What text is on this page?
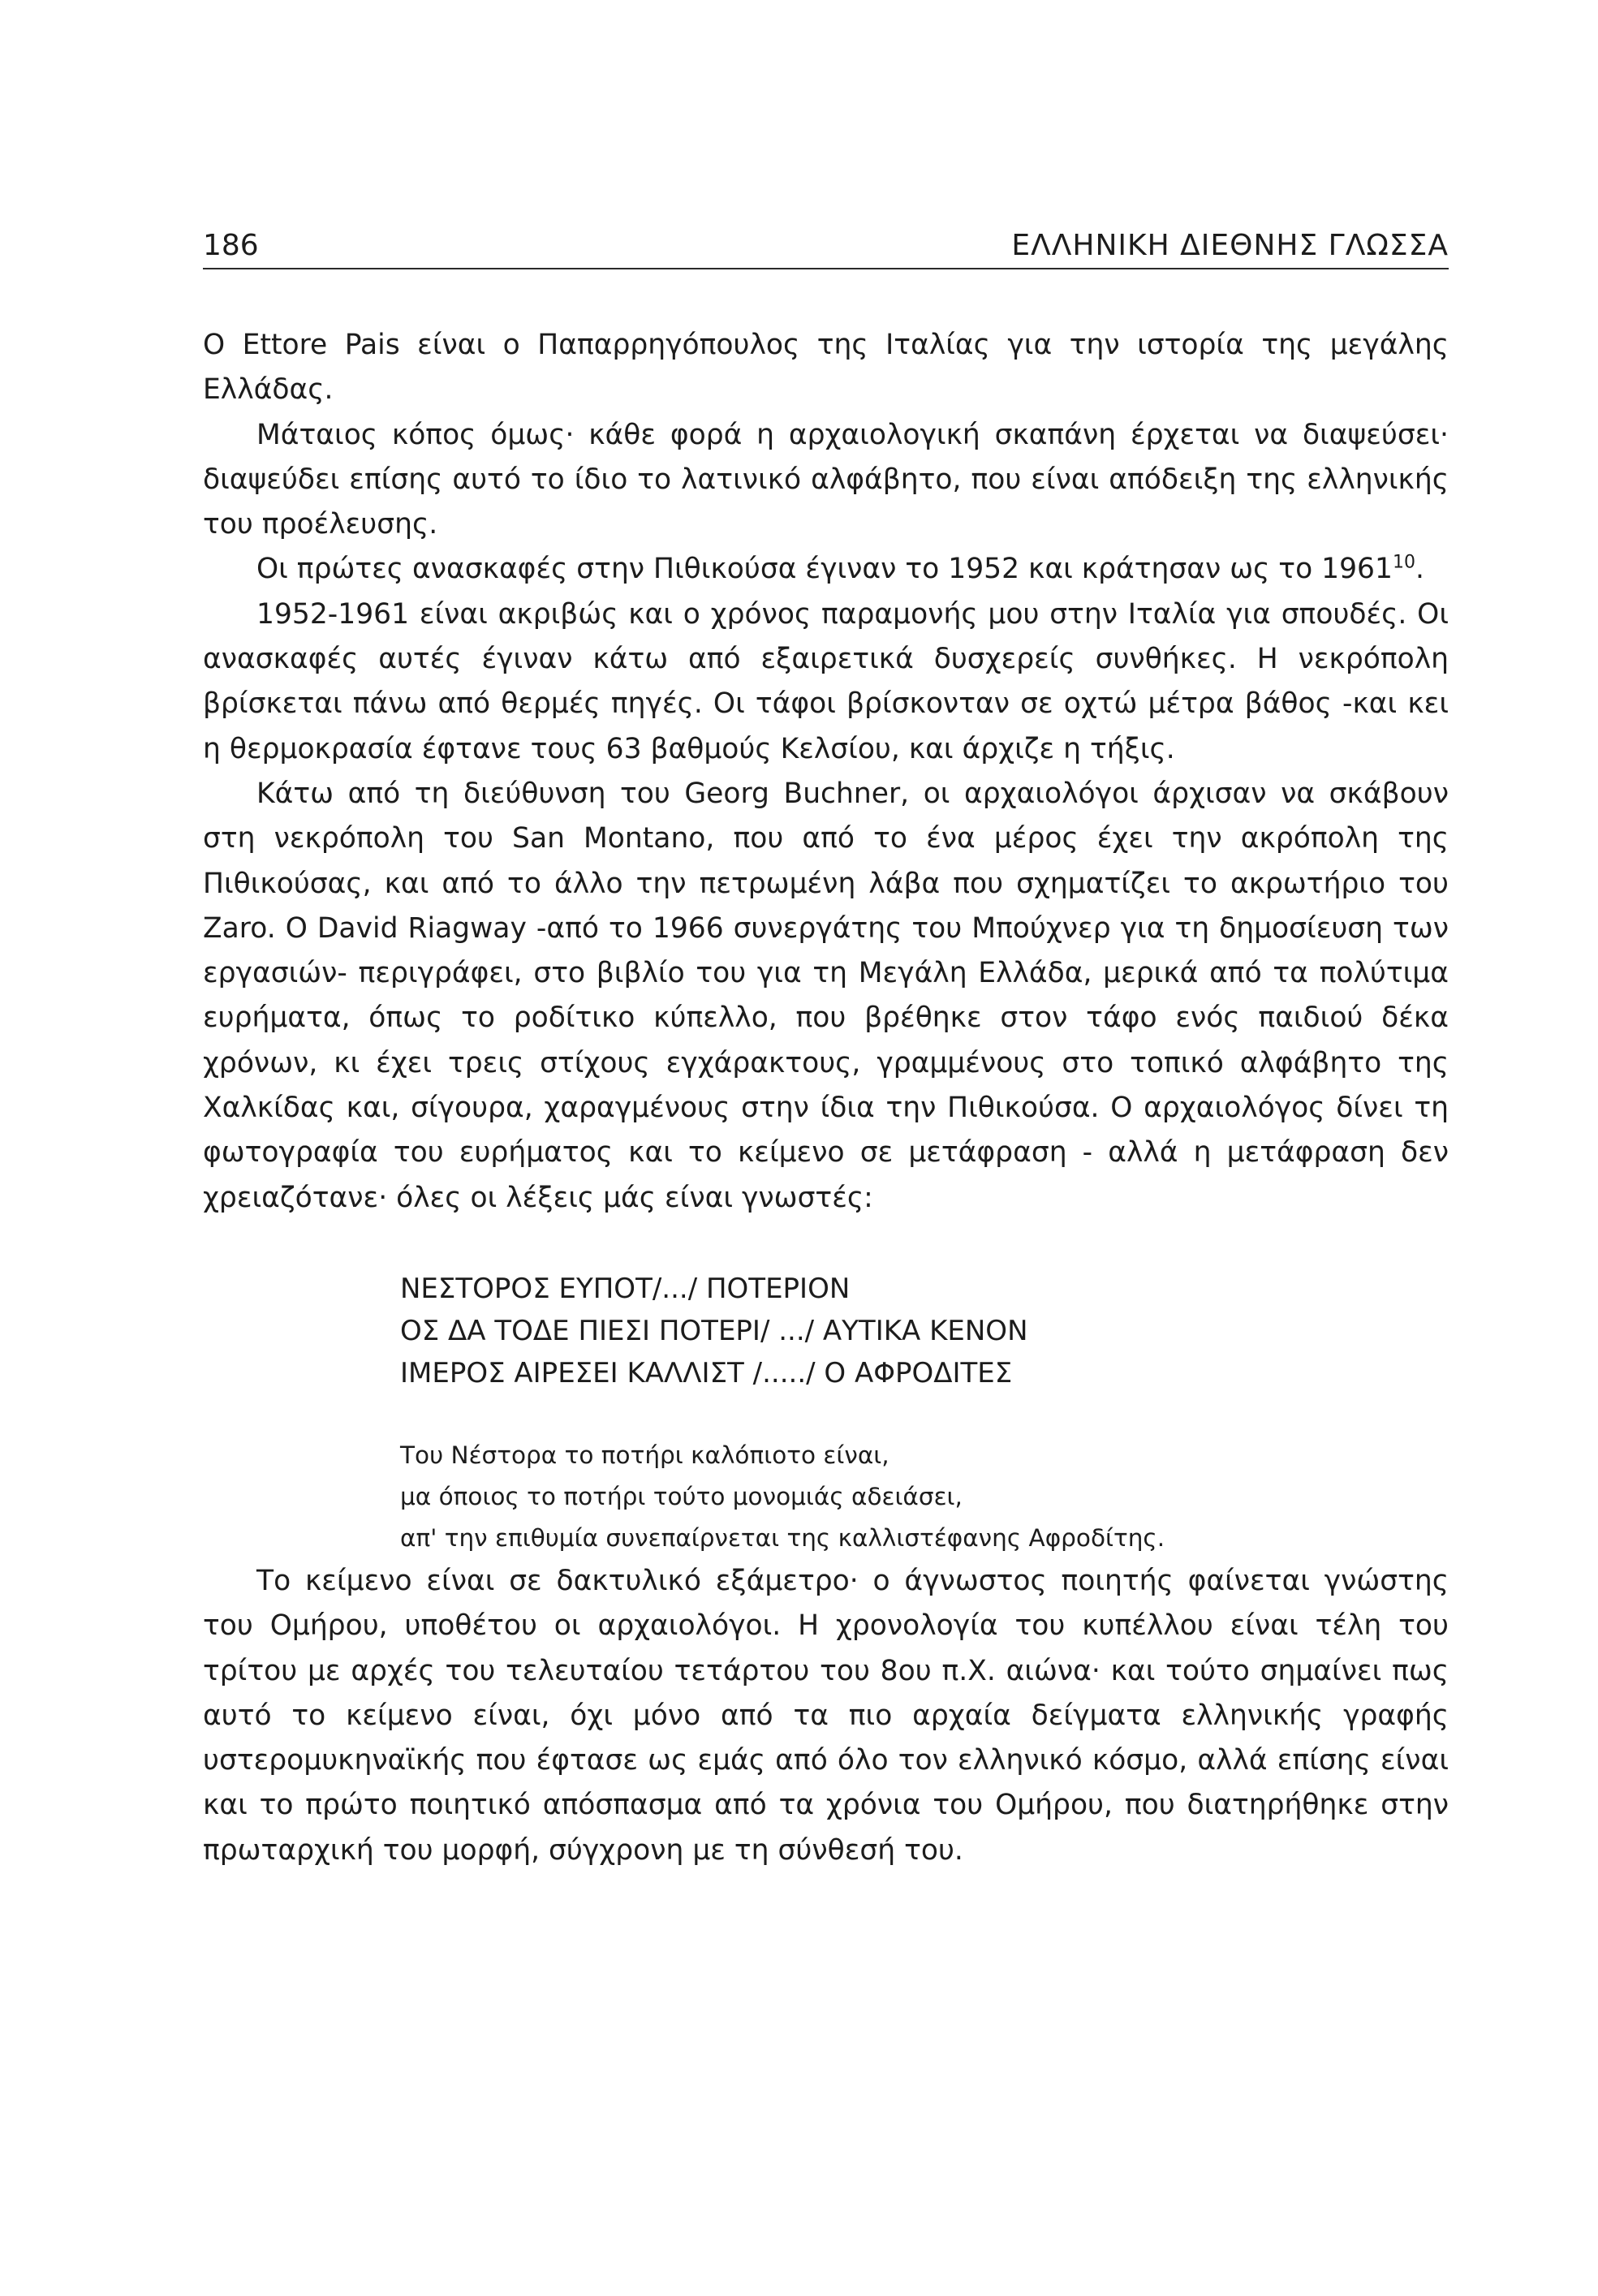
186	ΕΛΛΗΝΙΚΗ ΔΙΕΘΝΗΣ ΓΛΩΣΣΑ

Ο Ettore Pais είναι ο Παπαρρηγόπουλος της Ιταλίας για την ιστορία της μεγάλης Ελλάδας.

Μάταιος κόπος όμως· κάθε φορά η αρχαιολογική σκαπάνη έρχεται να διαψεύσει· διαψεύδει επίσης αυτό το ίδιο το λατινικό αλφάβητο, που είναι απόδειξη της ελληνικής του προέλευσης.

Οι πρώτες ανασκαφές στην Πιθικούσα έγιναν το 1952 και κράτησαν ως το 1961$^{10}$.

1952-1961 είναι ακριβώς και ο χρόνος παραμονής μου στην Ιταλία για σπουδές. Οι ανασκαφές αυτές έγιναν κάτω από εξαιρετικά δυσχερείς συνθήκες. Η νεκρόπολη βρίσκεται πάνω από θερμές πηγές. Οι τάφοι βρίσκονταν σε οχτώ μέτρα βάθος -και κει η θερμοκρασία έφτανε τους 63 βαθμούς Κελσίου, και άρχιζε η τήξις.

Κάτω από τη διεύθυνση του Georg Buchner, οι αρχαιολόγοι άρχισαν να σκάβουν στη νεκρόπολη του San Montano, που από το ένα μέρος έχει την ακρόπολη της Πιθικούσας, και από το άλλο την πετρωμένη λάβα που σχηματίζει το ακρωτήριο του Zaro. Ο David Riagway -από το 1966 συνεργάτης του Μπούχνερ για τη δημοσίευση των εργασιών- περιγράφει, στο βιβλίο του για τη Μεγάλη Ελλάδα, μερικά από τα πολύτιμα ευρήματα, όπως το ροδίτικο κύπελλο, που βρέθηκε στον τάφο ενός παιδιού δέκα χρόνων, κι έχει τρεις στίχους εγχάρακτους, γραμμένους στο τοπικό αλφάβητο της Χαλκίδας και, σίγουρα, χαραγμένους στην ίδια την Πιθικούσα. Ο αρχαιολόγος δίνει τη φωτογραφία του ευρήματος και το κείμενο σε μετάφραση - αλλά η μετάφραση δεν χρειαζότανε· όλες οι λέξεις μάς είναι γνωστές:

ΝΕΣΤΟΡΟΣ ΕΥΠΟΤ/.../ ΠΟΤΕΡΙΟΝ
ΟΣ ΔΑ ΤΟΔΕ ΠΙΕΣΙ ΠΟΤΕΡΙ/ .../ ΑΥΤΙΚΑ ΚΕΝΟΝ
ΙΜΕΡΟΣ ΑΙΡΕΣΕΙ ΚΑΛΛΙΣΤ /...../ Ο ΑΦΡΟΔΙΤΕΣ
Του Νέστορα το ποτήρι καλόπιοτο είναι,
μα όποιος το ποτήρι τούτο μονομιάς αδειάσει,
απ' την επιθυμία συνεπαίρνεται της καλλιστέφανης Αφροδίτης.

Το κείμενο είναι σε δακτυλικό εξάμετρο· ο άγνωστος ποιητής φαίνεται γνώστης του Ομήρου, υποθέτου οι αρχαιολόγοι. Η χρονολογία του κυπέλλου είναι τέλη του τρίτου με αρχές του τελευταίου τετάρτου του 8ου π.Χ. αιώνα· και τούτο σημαίνει πως αυτό το κείμενο είναι, όχι μόνο από τα πιο αρχαία δείγματα ελληνικής γραφής υστερομυκηναϊκής που έφτασε ως εμάς από όλο τον ελληνικό κόσμο, αλλά επίσης είναι και το πρώτο ποιητικό απόσπασμα από τα χρόνια του Ομήρου, που διατηρήθηκε στην πρωταρχική του μορφή, σύγχρονη με τη σύνθεσή του.
